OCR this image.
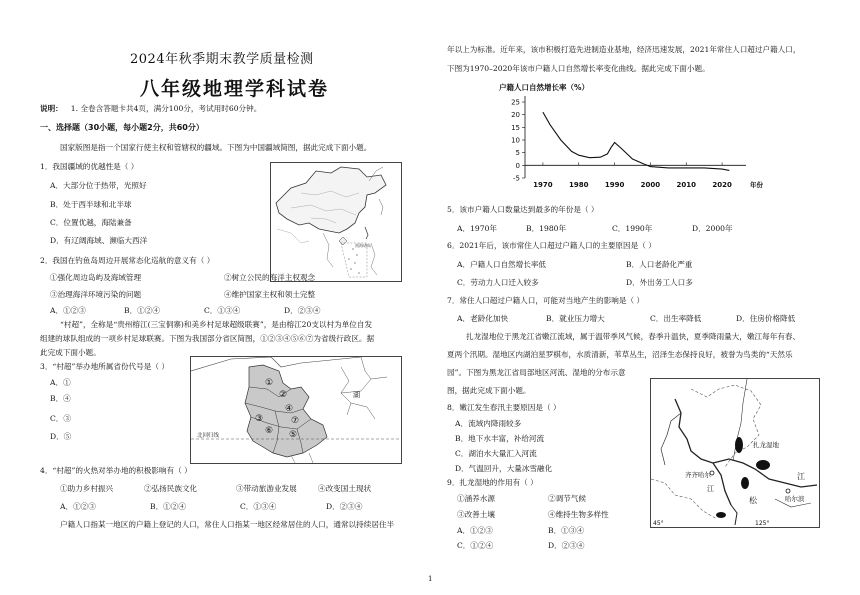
2024年秋季期末教学质量检测
八年级地理学科试卷
说明： 1. 全卷含答题卡共4页，满分100分，考试用时60分钟。
一、选择题（30小题，每小题2分，共60分）
国家版图是指一个国家行使主权和管辖权的疆域。下图为中国疆域简图，据此完成下面小题。
1．我国疆域的优越性是（ ）
A．大部分位于热带，光照好
B．处于西半球和北半球
C．位置优越，海陆兼备
D．有辽阔海域、濒临大西洋
南海诸岛
2．我国在钓鱼岛周边开展常态化巡航的意义有（ ）
①强化周边岛屿及海域管理	②树立公民的海洋主权观念
③治理海洋环境污染的问题	④维护国家主权和领土完整
A．①②③	B．①②④	C．①③④	D．②③④
“村超”，全称是“贵州榕江(三宝侗寨)和美乡村足球超级联赛”，是由榕江20支以村为单位自发
组建的球队组成的一项乡村足球联赛。下图为我国部分省区简图，①②③④⑤⑥⑦为省级行政区。据
此完成下面小题。
3．“村超”举办地所属省份代号是（ ）
A．①
B．④
C．③
D．⑤
①
②
③
④
⑤
⑥
⑦
湖
北回归线
4．“村超”的火热对举办地的积极影响有（ ）
①助力乡村振兴	②弘扬民族文化	③带动旅游业发展	④改变国土现状
A．①②③	B．①②④	C．①③④	D．②③④
户籍人口指某一地区的户籍上登记的人口，常住人口指某一地区经常居住的人口，通常以持续居住半
年以上为标准。近年来，该市积极打造先进制造业基地，经济迅速发展，2021年常住人口超过户籍人口，
下图为1970–2020年该市户籍人口自然增长率变化曲线。据此完成下面小题。
户籍人口自然增长率（%）
25
20
15
10
5
0
-5
1970 1980 1990 2000 2010 2020	年份
5．该市户籍人口数量达到最多的年份是（ ）
A．1970年	B．1980年	C．1990年	D．2000年
6．2021年后，该市常住人口超过户籍人口的主要原因是（ ）
A．户籍人口自然增长率低	B．人口老龄化严重
C．劳动力人口迁入较多	D．外出务工人口多
7．常住人口超过户籍人口，可能对当地产生的影响是（ ）
A．老龄化加快	B．就业压力增大	C．出生率降低	D．住房价格降低
扎龙湿地位于黑龙江省嫩江流域，属于温带季风气候，春季升温快，夏季降雨量大，嫩江每年有春、
夏两个汛期。湿地区内湖泊星罗棋布，水质清新，苇草丛生，沼泽生态保持良好，被誉为鸟类的“天然乐
园”。下图为黑龙江省局部地区河流、湿地的分布示意
图，据此完成下面小题。
8．嫩江发生春汛主要原因是（ ）
A．流域内降雨较多
B．地下水丰富，补给河流
C．湖泊水大量汇入河流
D．气温回升，大量冰雪融化
9．扎龙湿地的作用有（ ）
①涵养水源	②调节气候
③改善土壤	④维持生物多样性
A．①②③	B．①③④
C．①②④	D．②③④
齐齐哈尔
扎龙湿地
江
江
松	哈尔滨
45°	125°
1
